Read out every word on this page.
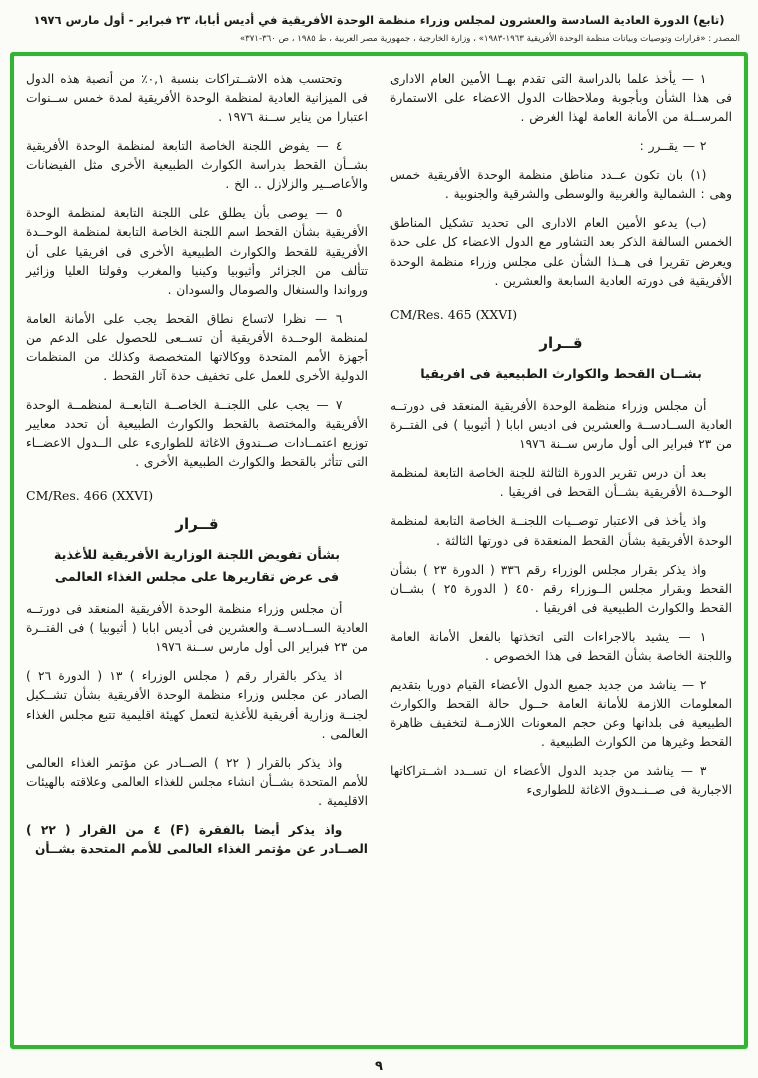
(تابع) الدورة العادية السادسة والعشرون لمجلس وزراء منظمة الوحدة الأفريقية في أديس أبابا، ٢٣ فبراير - أول مارس ١٩٧٦
المصدر : «قرارات وتوصيات وبيانات منظمة الوحدة الأفريقية ١٩٦٣-١٩٨٣» ، وزارة الخارجية ، جمهورية مصر العربية ، ط ١٩٨٥ ، ص ٣٦٠-٣٧١»

١ — يأخذ علما بالدراسة التى تقدم بهــا الأمين العام الادارى فى هذا الشأن وبأجوبة وملاحظات الدول الاعضاء على الاستمارة المرســلة من الأمانة العامة لهذا الغرض .

٢ — يقــرر :

(١) بان تكون عــدد مناطق منظمة الوحدة الأفريقية خمس وهى : الشمالية والغربية والوسطى والشرقية والجنوبية .

(ب) يدعو الأمين العام الادارى الى تحديد تشكيل المناطق الخمس السالفة الذكر بعد التشاور مع الدول الاعضاء كل على حدة ويعرض تقريرا فى هــذا الشأن على مجلس وزراء منظمة الوحدة الأفريقية فى دورته العادية السابعة والعشرين .

CM/Res. 465 (XXVI)
قــرار
بشــان القحط والكوارث الطبيعية فى افريقيا

أن مجلس وزراء منظمة الوحدة الأفريقية المنعقد فى دورتــه العادية الســادســة والعشرين فى اديس ابابا ( أثيوبيا ) فى الفتــرة من ٢٣ فبراير الى أول مارس ســنة ١٩٧٦

بعد أن درس تقرير الدورة الثالثة للجنة الخاصة التابعة لمنظمة الوحــدة الأفريقية بشــأن القحط فى افريقيا .

واذ يأخذ فى الاعتبار توصــيات اللجنــة الخاصة التابعة لمنظمة الوحدة الأفريقية بشأن القحط المنعقدة فى دورتها الثالثة .

واذ يذكر بقرار مجلس الوزراء رقم ٣٣٦ ( الدورة ٢٣ ) بشأن القحط وبقرار مجلس الــوزراء رقم ٤٥٠ ( الدورة ٢٥ ) بشــان القحط والكوارث الطبيعية فى افريقيا .

١ — يشيد بالاجراءات التى اتخذتها بالفعل الأمانة العامة واللجنة الخاصة بشأن القحط فى هذا الخصوص .

٢ — يناشد من جديد جميع الدول الأعضاء القيام دوريا بتقديم المعلومات اللازمة للأمانة العامة حــول حالة القحط والكوارث الطبيعية فى بلدانها وعن حجم المعونات اللازمــة لتخفيف ظاهرة القحط وغيرها من الكوارث الطبيعية .

٣ — يناشد من جديد الدول الأعضاء ان تســدد اشــتراكاتها الاجبارية فى صــنــدوق الاغاثة للطوارىء

وتحتسب هذه الاشــتراكات بنسبة ٠,١٪ من أنصبة هذه الدول فى الميزانية العادية لمنظمة الوحدة الأفريقية لمدة خمس ســنوات اعتبارا من يناير ســنة ١٩٧٦ .

٤ — يفوض اللجنة الخاصة التابعة لمنظمة الوحدة الأفريقية بشــأن القحط بدراسة الكوارث الطبيعية الأخرى مثل الفيضانات والأعاصــير والزلازل .. الخ .

٥ — يوصى بأن يطلق على اللجنة التابعة لمنظمة الوحدة الأفريقية بشأن القحط اسم اللجنة الخاصة التابعة لمنظمة الوحــدة الأفريقية للقحط والكوارث الطبيعية الأخرى فى افريقيا على أن تتألف من الجزائر وأثيوبيا وكينيا والمغرب وفولتا العليا وزائير ورواندا والسنغال والصومال والسودان .

٦ — نظرا لاتساع نطاق القحط يجب على الأمانة العامة لمنظمة الوحــدة الأفريقية أن تســعى للحصول على الدعم من أجهزة الأمم المتحدة ووكالاتها المتخصصة وكذلك من المنظمات الدولية الأخرى للعمل على تخفيف حدة آثار القحط .

٧ — يجب على اللجنــة الخاصــة التابعــة لمنظمــة الوحدة الأفريقية والمختصة بالقحط والكوارث الطبيعية أن تحدد معايير توزيع اعتمــادات صــندوق الاغاثة للطوارىء على الــدول الاعضــاء التى تتأثر بالقحط والكوارث الطبيعية الأخرى .

CM/Res. 466 (XXVI)
قــرار
بشأن تفويض اللجنة الوزارية الأفريقية للأغذية
فى عرض تقاريرها على مجلس الغذاء العالمى

أن مجلس وزراء منظمة الوحدة الأفريقية المنعقد فى دورتــه العادية الســادســة والعشرين فى أديس ابابا ( أثيوبيا ) فى الفتــرة من ٢٣ فبراير الى أول مارس ســنة ١٩٧٦

اذ يذكر بالقرار رقم ( مجلس الوزراء ) ١٣ ( الدورة ٢٦ ) الصادر عن مجلس وزراء منظمة الوحدة الأفريقية بشأن تشــكيل لجنــة وزارية أفريقية للأغذية لتعمل كهيئة اقليمية تتبع مجلس الغذاء العالمى .

واذ يذكر بالقرار ( ٢٢ ) الصــادر عن مؤتمر الغذاء العالمى للأمم المتحدة بشــأن انشاء مجلس للغذاء العالمى وعلاقته بالهيئات الاقليمية .

واذ يذكر أيضا بالفقرة (F) ٤ من القرار ( ٢٢ ) الصــادر عن مؤتمر الغذاء العالمى للأمم المتحدة بشــأن

٩
